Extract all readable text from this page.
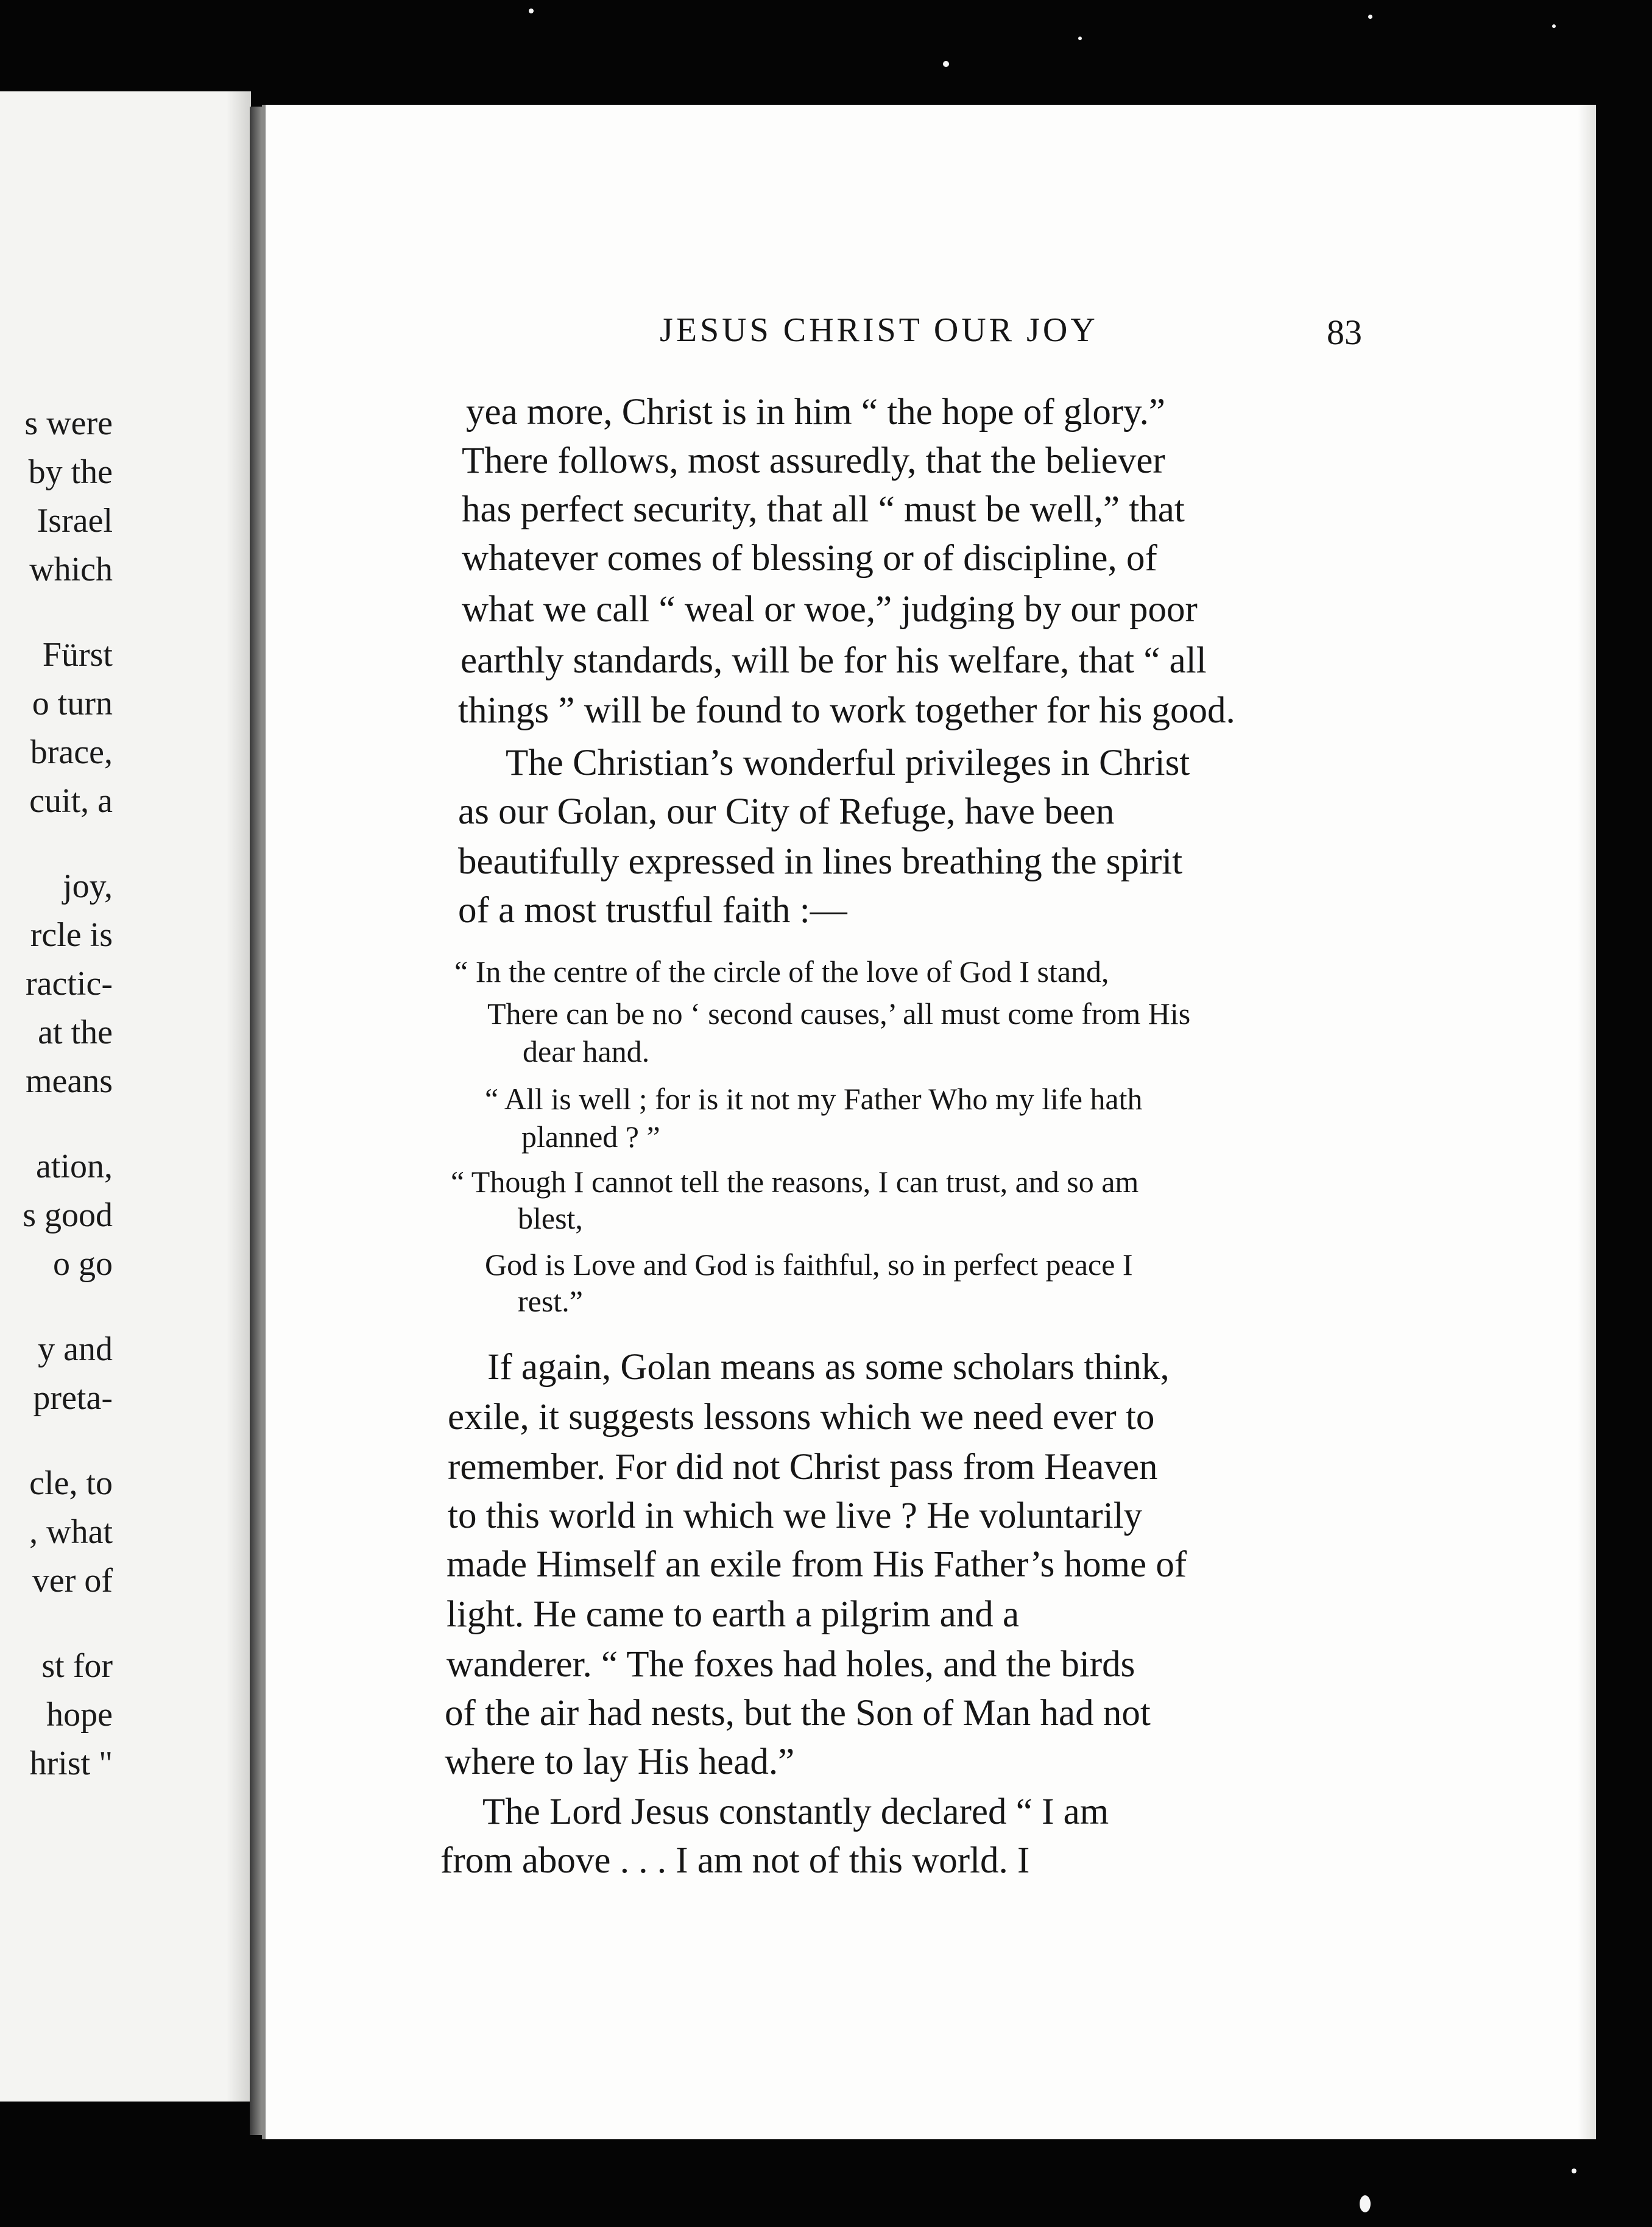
s were
by the
Israel
which
Fürst
o turn
brace,
cuit, a
joy,
rcle is
ractic-
at the
means
ation,
s good
o go
y and
preta-
cle, to
, what
ver of
st for
hope
hrist "
JESUS CHRIST OUR JOY	83
yea more, Christ is in him “ the hope of glory.”
There follows, most assuredly, that the believer
has perfect security, that all “ must be well,” that
whatever comes of blessing or of discipline, of
what we call “ weal or woe,” judging by our poor
earthly standards, will be for his welfare, that “ all
things ” will be found to work together for his good.
The Christian’s wonderful privileges in Christ
as our Golan, our City of Refuge, have been
beautifully expressed in lines breathing the spirit
of a most trustful faith :—
“ In the centre of the circle of the love of God I stand,
There can be no ‘ second causes,’ all must come from His
dear hand.
“ All is well ; for is it not my Father Who my life hath
planned ? ”
“ Though I cannot tell the reasons, I can trust, and so am
blest,
God is Love and God is faithful, so in perfect peace I
rest.”
If again, Golan means as some scholars think,
exile, it suggests lessons which we need ever to
remember. For did not Christ pass from Heaven
to this world in which we live ? He voluntarily
made Himself an exile from His Father’s home of
light. He came to earth a pilgrim and a
wanderer. “ The foxes had holes, and the birds
of the air had nests, but the Son of Man had not
where to lay His head.”
The Lord Jesus constantly declared “ I am
from above . . . I am not of this world. I
